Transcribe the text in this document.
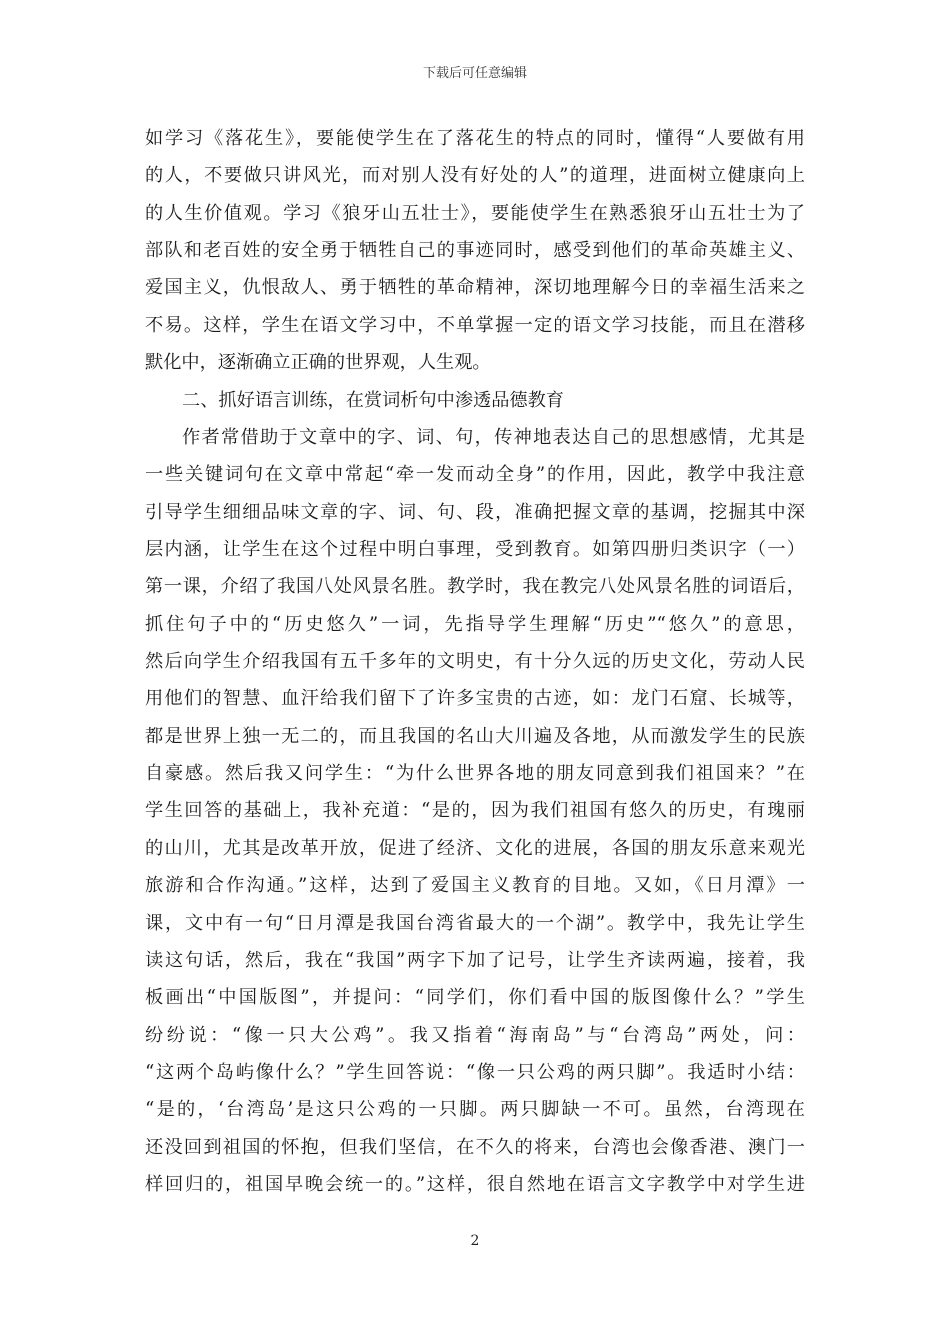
下载后可任意编辑
如学习《落花生》，要能使学生在了落花生的特点的同时，懂得“人要做有用
的人，不要做只讲风光，而对别人没有好处的人”的道理，进面树立健康向上
的人生价值观。学习《狼牙山五壮士》，要能使学生在熟悉狼牙山五壮士为了
部队和老百姓的安全勇于牺牲自己的事迹同时，感受到他们的革命英雄主义、
爱国主义，仇恨敌人、勇于牺牲的革命精神，深切地理解今日的幸福生活来之
不易。这样，学生在语文学习中，不单掌握一定的语文学习技能，而且在潜移
默化中，逐渐确立正确的世界观，人生观。
二、抓好语言训练，在赏词析句中渗透品德教育
作者常借助于文章中的字、词、句，传神地表达自己的思想感情，尤其是
一些关键词句在文章中常起“牵一发而动全身”的作用，因此，教学中我注意
引导学生细细品味文章的字、词、句、段，准确把握文章的基调，挖掘其中深
层内涵，让学生在这个过程中明白事理，受到教育。如第四册归类识字（一）
第一课，介绍了我国八处风景名胜。教学时，我在教完八处风景名胜的词语后，
抓住句子中的“历史悠久”一词，先指导学生理解“历史”“悠久”的意思，
然后向学生介绍我国有五千多年的文明史，有十分久远的历史文化，劳动人民
用他们的智慧、血汗给我们留下了许多宝贵的古迹，如：龙门石窟、长城等，
都是世界上独一无二的，而且我国的名山大川遍及各地，从而激发学生的民族
自豪感。然后我又问学生：“为什么世界各地的朋友同意到我们祖国来？”在
学生回答的基础上，我补充道：“是的，因为我们祖国有悠久的历史，有瑰丽
的山川，尤其是改革开放，促进了经济、文化的进展，各国的朋友乐意来观光
旅游和合作沟通。”这样，达到了爱国主义教育的目地。又如，《日月潭》一
课，文中有一句“日月潭是我国台湾省最大的一个湖”。教学中，我先让学生
读这句话，然后，我在“我国”两字下加了记号，让学生齐读两遍，接着，我
板画出“中国版图”，并提问：“同学们，你们看中国的版图像什么？”学生
纷纷说：“像一只大公鸡”。我又指着“海南岛”与“台湾岛”两处，问：
“这两个岛屿像什么？”学生回答说：“像一只公鸡的两只脚”。我适时小结：
“是的，‘台湾岛’是这只公鸡的一只脚。两只脚缺一不可。虽然，台湾现在
还没回到祖国的怀抱，但我们坚信，在不久的将来，台湾也会像香港、澳门一
样回归的，祖国早晚会统一的。”这样，很自然地在语言文字教学中对学生进
2
